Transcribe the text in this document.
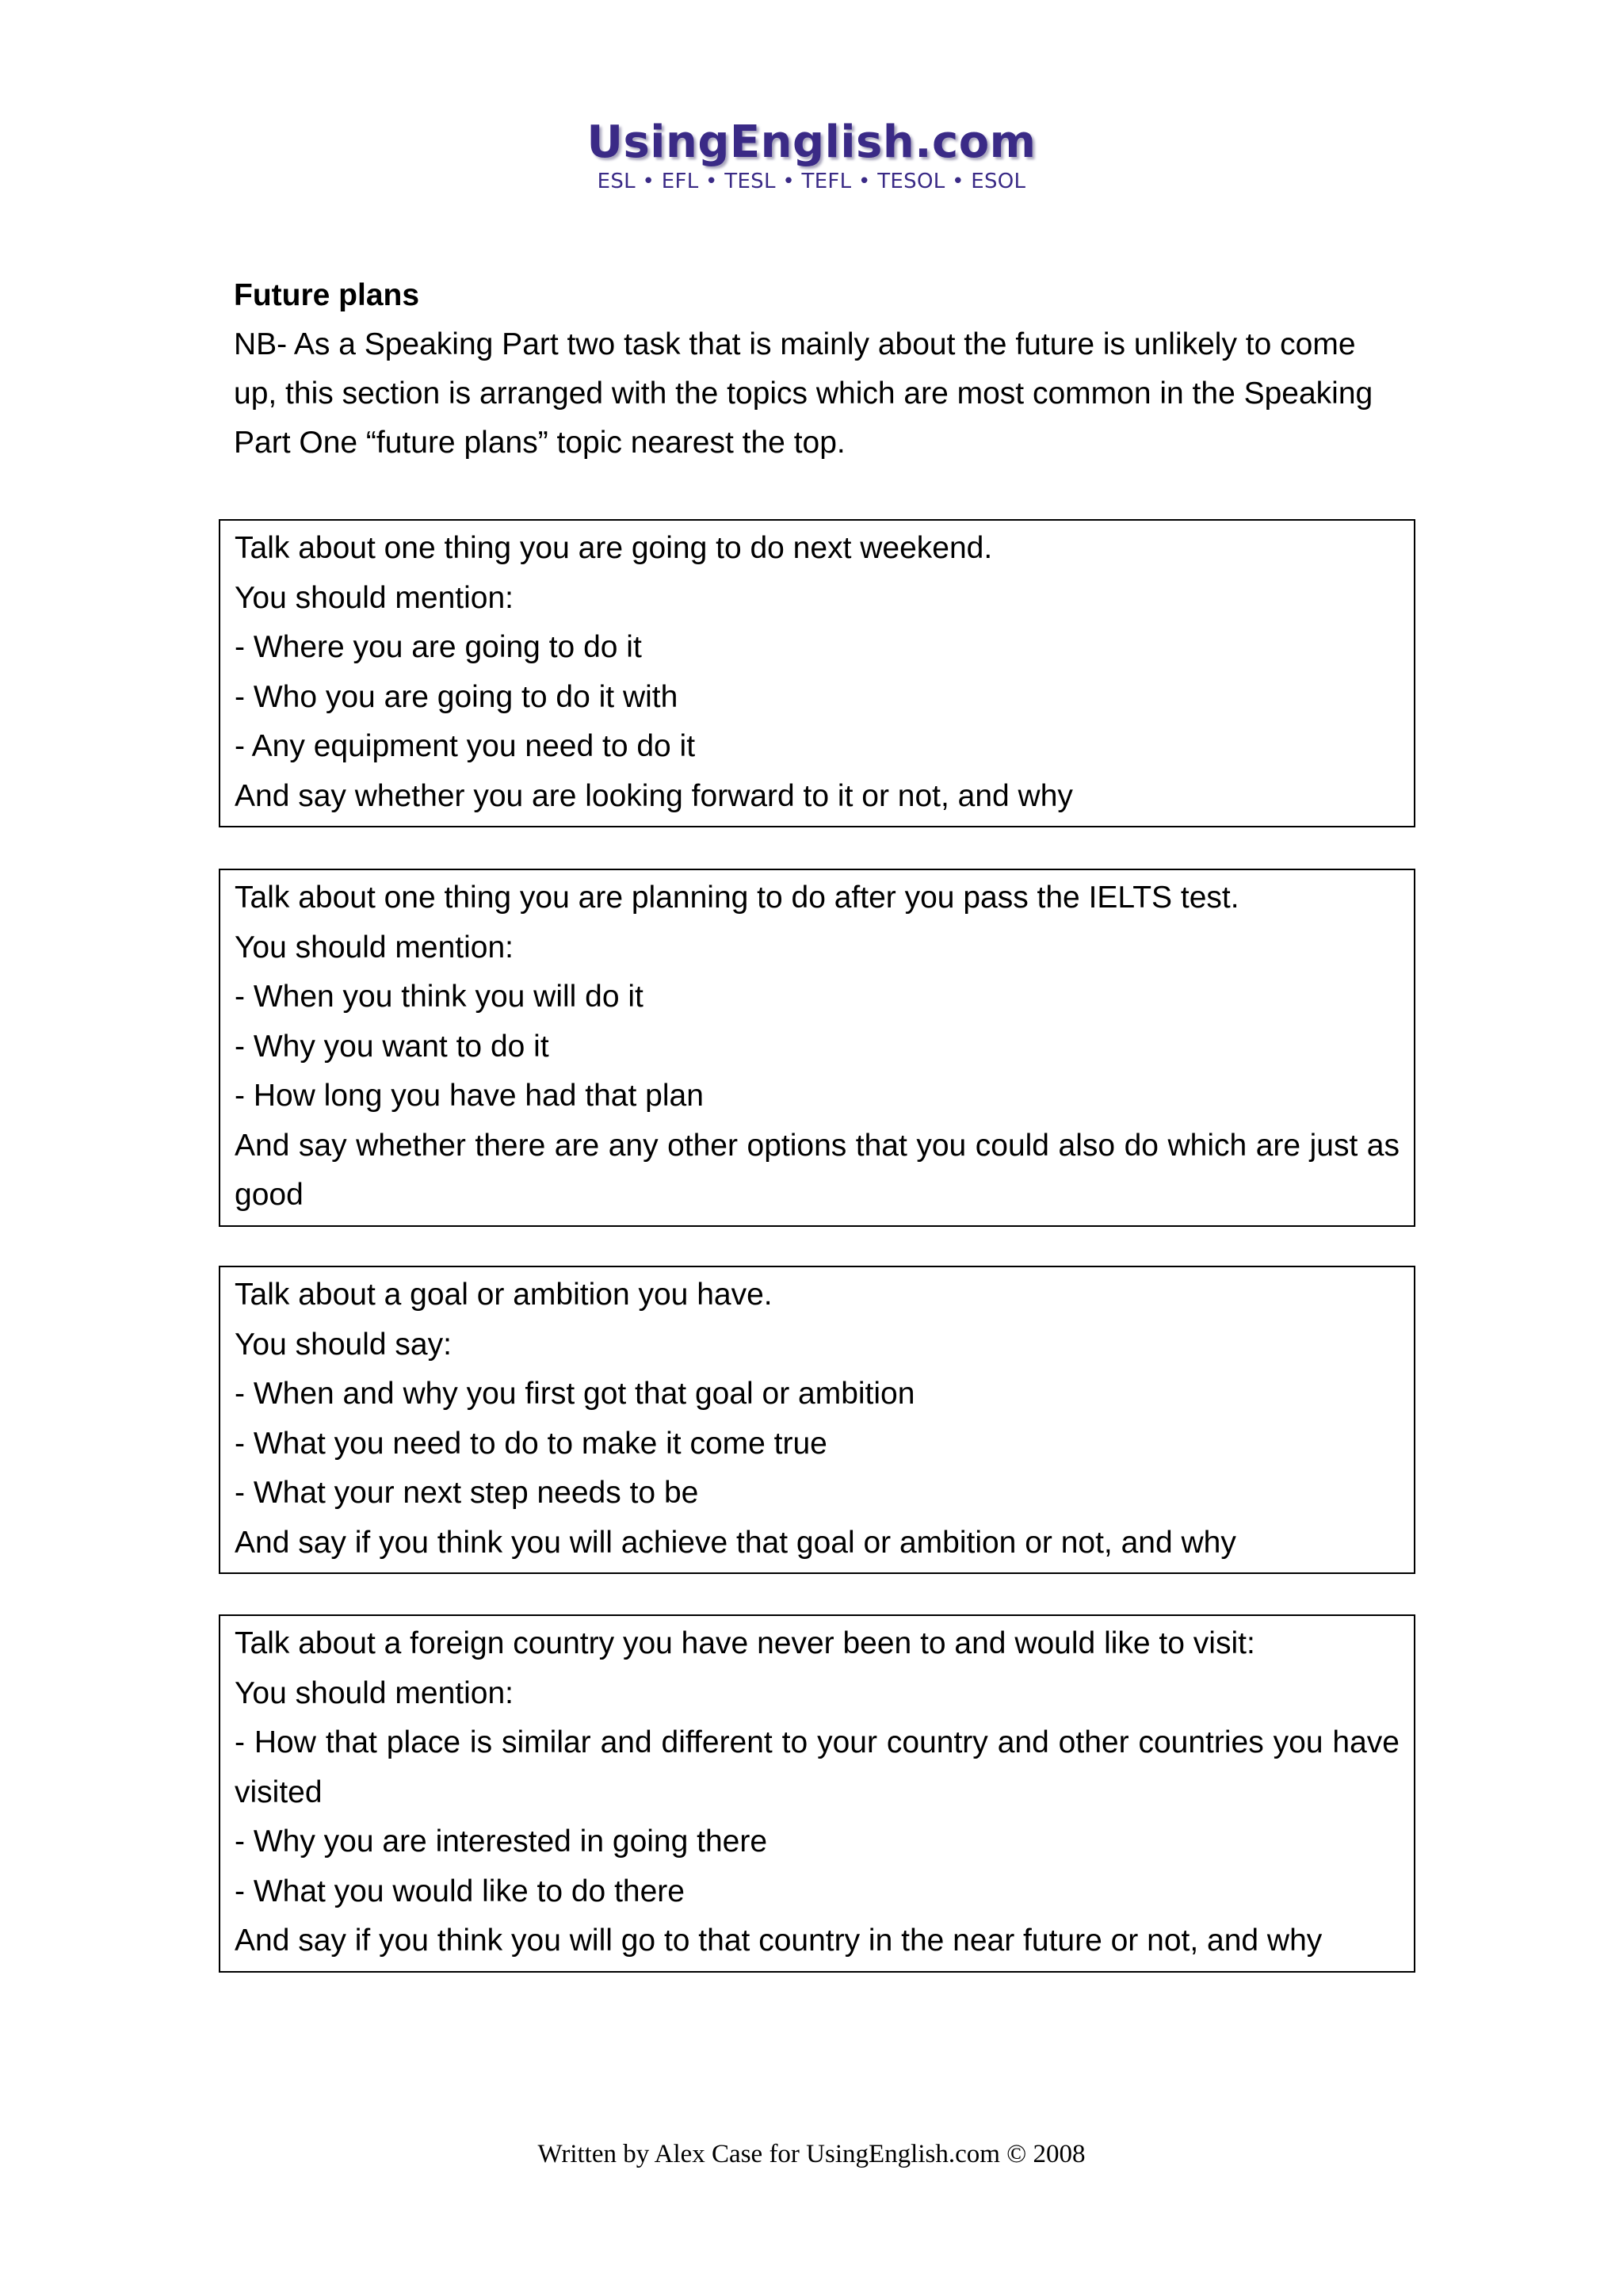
UsingEnglish.com
ESL • EFL • TESL • TEFL • TESOL • ESOL
Future plans
NB- As a Speaking Part two task that is mainly about the future is unlikely to come up, this section is arranged with the topics which are most common in the Speaking Part One “future plans” topic nearest the top.
Talk about one thing you are going to do next weekend.
You should mention:
- Where you are going to do it
- Who you are going to do it with
- Any equipment you need to do it
And say whether you are looking forward to it or not, and why
Talk about one thing you are planning to do after you pass the IELTS test.
You should mention:
- When you think you will do it
- Why you want to do it
- How long you have had that plan
And say whether there are any other options that you could also do which are just as good
Talk about a goal or ambition you have.
You should say:
- When and why you first got that goal or ambition
- What you need to do to make it come true
- What your next step needs to be
And say if you think you will achieve that goal or ambition or not, and why
Talk about a foreign country you have never been to and would like to visit:
You should mention:
- How that place is similar and different to your country and other countries you have visited
- Why you are interested in going there
- What you would like to do there
And say if you think you will go to that country in the near future or not, and why
Written by Alex Case for UsingEnglish.com © 2008
